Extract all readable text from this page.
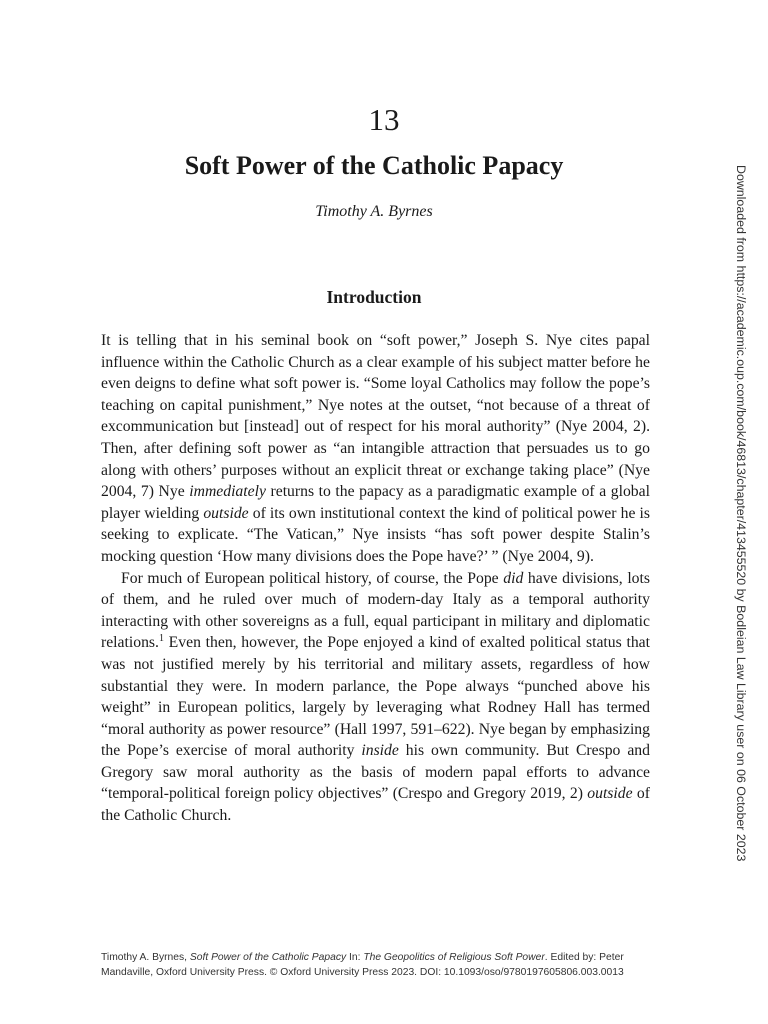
13
Soft Power of the Catholic Papacy
Timothy A. Byrnes
Introduction

It is telling that in his seminal book on “soft power,” Joseph S. Nye cites papal influence within the Catholic Church as a clear example of his subject matter before he even deigns to define what soft power is. “Some loyal Catholics may follow the pope’s teaching on capital punishment,” Nye notes at the outset, “not because of a threat of excommunication but [instead] out of respect for his moral authority” (Nye 2004, 2). Then, after defining soft power as “an intangible attraction that persuades us to go along with others’ purposes without an explicit threat or exchange taking place” (Nye 2004, 7) Nye immediately returns to the papacy as a paradigmatic example of a global player wielding outside of its own institutional context the kind of political power he is seeking to explicate. “The Vatican,” Nye insists “has soft power despite Stalin’s mocking question ‘How many divisions does the Pope have?’ ” (Nye 2004, 9).

For much of European political history, of course, the Pope did have divisions, lots of them, and he ruled over much of modern-day Italy as a temporal authority interacting with other sovereigns as a full, equal participant in military and diplomatic relations.$^1$ Even then, however, the Pope enjoyed a kind of exalted political status that was not justified merely by his territorial and military assets, regardless of how substantial they were. In modern parlance, the Pope always “punched above his weight” in European politics, largely by leveraging what Rodney Hall has termed “moral authority as power resource” (Hall 1997, 591–622). Nye began by emphasizing the Pope’s exercise of moral authority inside his own community. But Crespo and Gregory saw moral authority as the basis of modern papal efforts to advance “temporal-political foreign policy objectives” (Crespo and Gregory 2019, 2) outside of the Catholic Church.

Timothy A. Byrnes, Soft Power of the Catholic Papacy In: The Geopolitics of Religious Soft Power. Edited by: Peter Mandaville, Oxford University Press. © Oxford University Press 2023. DOI: 10.1093/oso/9780197605806.003.0013
Downloaded from https://academic.oup.com/book/46813/chapter/413455520 by Bodleian Law Library user on 06 October 2023
